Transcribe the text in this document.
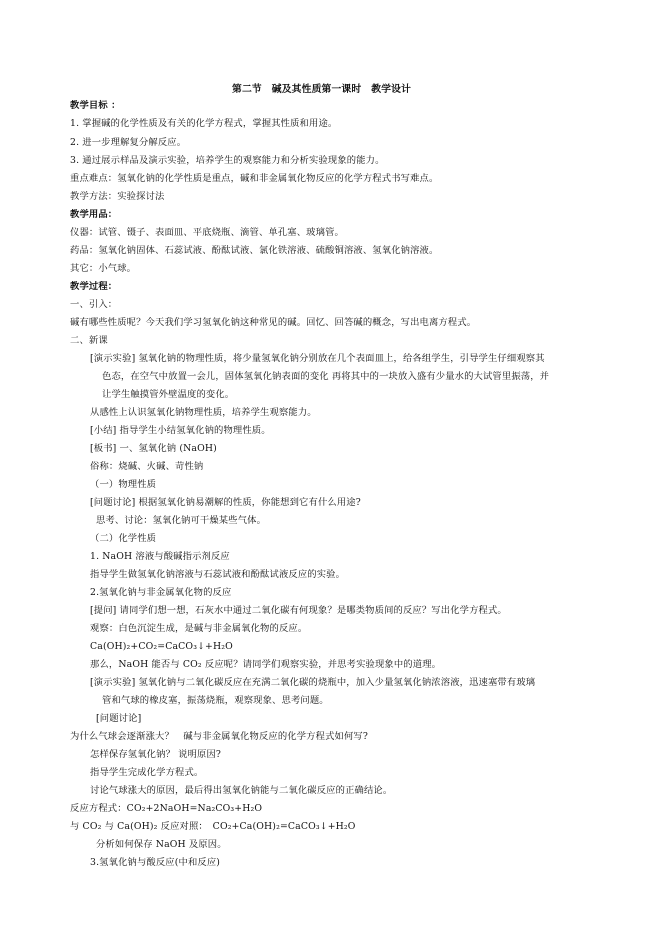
第二节　碱及其性质第一课时　教学设计
教学目标 ：
1. 掌握碱的化学性质及有关的化学方程式，掌握其性质和用途。
2. 进一步理解复分解反应。
3. 通过展示样品及演示实验，培养学生的观察能力和分析实验现象的能力。
重点难点：氢氧化钠的化学性质是重点，碱和非金属氧化物反应的化学方程式书写难点。
教学方法：实验探讨法
教学用品：
仪器：试管、镊子、表面皿、平底烧瓶、滴管、单孔塞、玻璃管。
药品：氢氧化钠固体、石蕊试液、酚酞试液、氯化铁溶液、硫酸铜溶液、氢氧化钠溶液。
其它：小气球。
教学过程：
一、引入：
碱有哪些性质呢？今天我们学习氢氧化钠这种常见的碱。回忆、回答碱的概念，写出电离方程式。
二、新课
[演示实验] 氢氧化钠的物理性质，将少量氢氧化钠分别放在几个表面皿上，给各组学生，引导学生仔细观察其
色态，在空气中放置一会儿，固体氢氧化钠表面的变化 再将其中的一块放入盛有少量水的大试管里振荡，并
让学生触摸管外壁温度的变化。
从感性上认识氢氧化钠物理性质，培养学生观察能力。
[小结] 指导学生小结氢氧化钠的物理性质。
[板书] 一、氢氧化钠 (NaOH)
俗称：烧碱、火碱、苛性钠
（一）物理性质
[问题讨论] 根据氢氧化钠易潮解的性质，你能想到它有什么用途?
思考、讨论：氢氧化钠可干燥某些气体。
（二）化学性质
1. NaOH 溶液与酸碱指示剂反应
指导学生做氢氧化钠溶液与石蕊试液和酚酞试液反应的实验。
2.氢氧化钠与非金属氧化物的反应
[提问] 请同学们想一想，石灰水中通过二氧化碳有何现象？是哪类物质间的反应？写出化学方程式。
观察：白色沉淀生成，是碱与非金属氧化物的反应。
Ca(OH)₂+CO₂=CaCO₃↓+H₂O
那么，NaOH 能否与 CO₂ 反应呢？请同学们观察实验，并思考实验现象中的道理。
[演示实验] 氢氧化钠与二氧化碳反应在充满二氧化碳的烧瓶中，加入少量氢氧化钠浓溶液，迅速塞带有玻璃
管和气球的橡皮塞，振荡烧瓶，观察现象、思考问题。
[问题讨论]
为什么气球会逐渐涨大？　碱与非金属氧化物反应的化学方程式如何写?
怎样保存氢氧化钠？ 说明原因?
指导学生完成化学方程式。
讨论气球涨大的原因，最后得出氢氧化钠能与二氧化碳反应的正确结论。
反应方程式：CO₂+2NaOH=Na₂CO₃+H₂O
与 CO₂ 与 Ca(OH)₂ 反应对照：　CO₂+Ca(OH)₂=CaCO₃↓+H₂O
分析如何保存 NaOH 及原因。
3.氢氧化钠与酸反应(中和反应)
